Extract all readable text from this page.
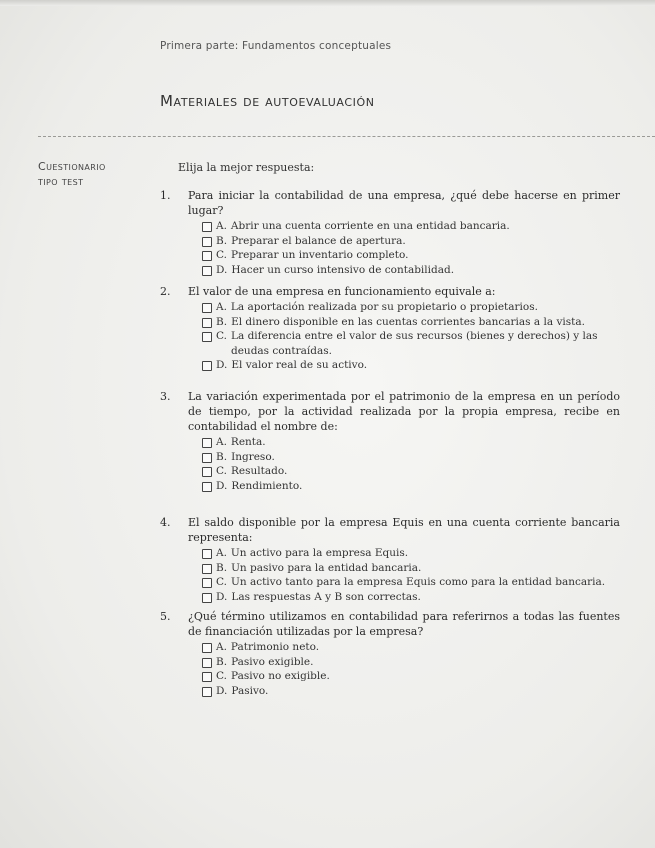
Primera parte: Fundamentos conceptuales
Materiales de autoevaluación
Cuestionario
tipo test
Elija la mejor respuesta:
1.	Para iniciar la contabilidad de una empresa, ¿qué debe hacerse en primer lugar?
A. Abrir una cuenta corriente en una entidad bancaria.
B. Preparar el balance de apertura.
C. Preparar un inventario completo.
D. Hacer un curso intensivo de contabilidad.
2.	El valor de una empresa en funcionamiento equivale a:
A. La aportación realizada por su propietario o propietarios.
B. El dinero disponible en las cuentas corrientes bancarias a la vista.
C. La diferencia entre el valor de sus recursos (bienes y derechos) y las deudas contraídas.
D. El valor real de su activo.
3.	La variación experimentada por el patrimonio de la empresa en un período de tiempo, por la actividad realizada por la propia empresa, recibe en contabilidad el nombre de:
A. Renta.
B. Ingreso.
C. Resultado.
D. Rendimiento.
4.	El saldo disponible por la empresa Equis en una cuenta corriente bancaria representa:
A. Un activo para la empresa Equis.
B. Un pasivo para la entidad bancaria.
C. Un activo tanto para la empresa Equis como para la entidad bancaria.
D. Las respuestas A y B son correctas.
5.	¿Qué término utilizamos en contabilidad para referirnos a todas las fuentes de financiación utilizadas por la empresa?
A. Patrimonio neto.
B. Pasivo exigible.
C. Pasivo no exigible.
D. Pasivo.
